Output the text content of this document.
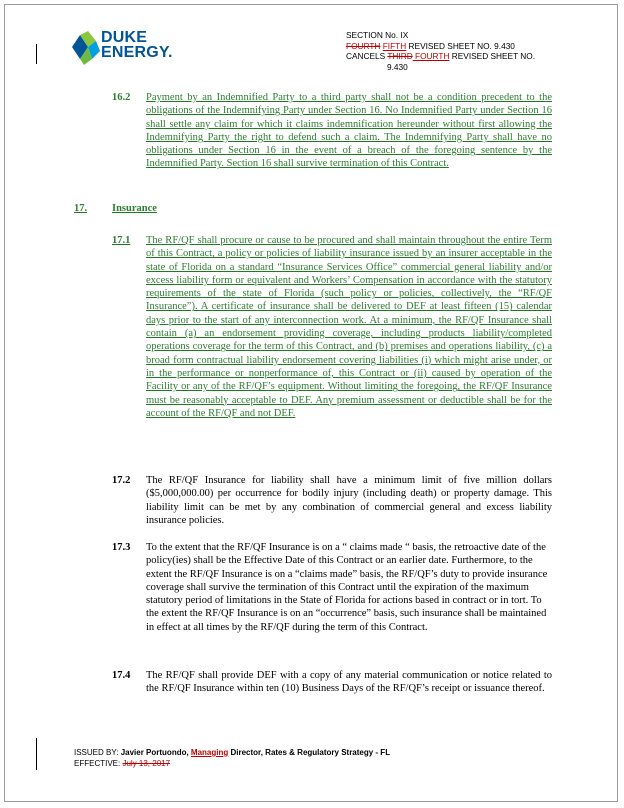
DUKE
ENERGY.
SECTION No. IX
FOURTH FIFTH REVISED SHEET NO. 9.430
CANCELS THIRD FOURTH REVISED SHEET NO.
9.430
16.2 Payment by an Indemnified Party to a third party shall not be a condition precedent to the obligations of the Indemnifying Party under Section 16. No Indemnified Party under Section 16 shall settle any claim for which it claims indemnification hereunder without first allowing the Indemnifying Party the right to defend such a claim. The Indemnifying Party shall have no obligations under Section 16 in the event of a breach of the foregoing sentence by the Indemnified Party. Section 16 shall survive termination of this Contract.
17. Insurance
17.1 The RF/QF shall procure or cause to be procured and shall maintain throughout the entire Term of this Contract, a policy or policies of liability insurance issued by an insurer acceptable in the state of Florida on a standard “Insurance Services Office” commercial general liability and/or excess liability form or equivalent and Workers’ Compensation in accordance with the statutory requirements of the state of Florida (such policy or policies, collectively, the “RF/QF Insurance”). A certificate of insurance shall be delivered to DEF at least fifteen (15) calendar days prior to the start of any interconnection work. At a minimum, the RF/QF Insurance shall contain (a) an endorsement providing coverage, including products liability/completed operations coverage for the term of this Contract, and (b) premises and operations liability, (c) a broad form contractual liability endorsement covering liabilities (i) which might arise under, or in the performance or nonperformance of, this Contract or (ii) caused by operation of the Facility or any of the RF/QF’s equipment. Without limiting the foregoing, the RF/QF Insurance must be reasonably acceptable to DEF. Any premium assessment or deductible shall be for the account of the RF/QF and not DEF.
17.2 The RF/QF Insurance for liability shall have a minimum limit of five million dollars ($5,000,000.00) per occurrence for bodily injury (including death) or property damage. This liability limit can be met by any combination of commercial general and excess liability insurance policies.
17.3 To the extent that the RF/QF Insurance is on a “ claims made “ basis, the retroactive date of the policy(ies) shall be the Effective Date of this Contract or an earlier date. Furthermore, to the extent the RF/QF Insurance is on a “claims made” basis, the RF/QF’s duty to provide insurance coverage shall survive the termination of this Contract until the expiration of the maximum statutory period of limitations in the State of Florida for actions based in contract or in tort. To the extent the RF/QF Insurance is on an “occurrence” basis, such insurance shall be maintained in effect at all times by the RF/QF during the term of this Contract.
17.4 The RF/QF shall provide DEF with a copy of any material communication or notice related to the RF/QF Insurance within ten (10) Business Days of the RF/QF’s receipt or issuance thereof.
ISSUED BY: Javier Portuondo, Managing Director, Rates & Regulatory Strategy - FL
EFFECTIVE: July 13, 2017
